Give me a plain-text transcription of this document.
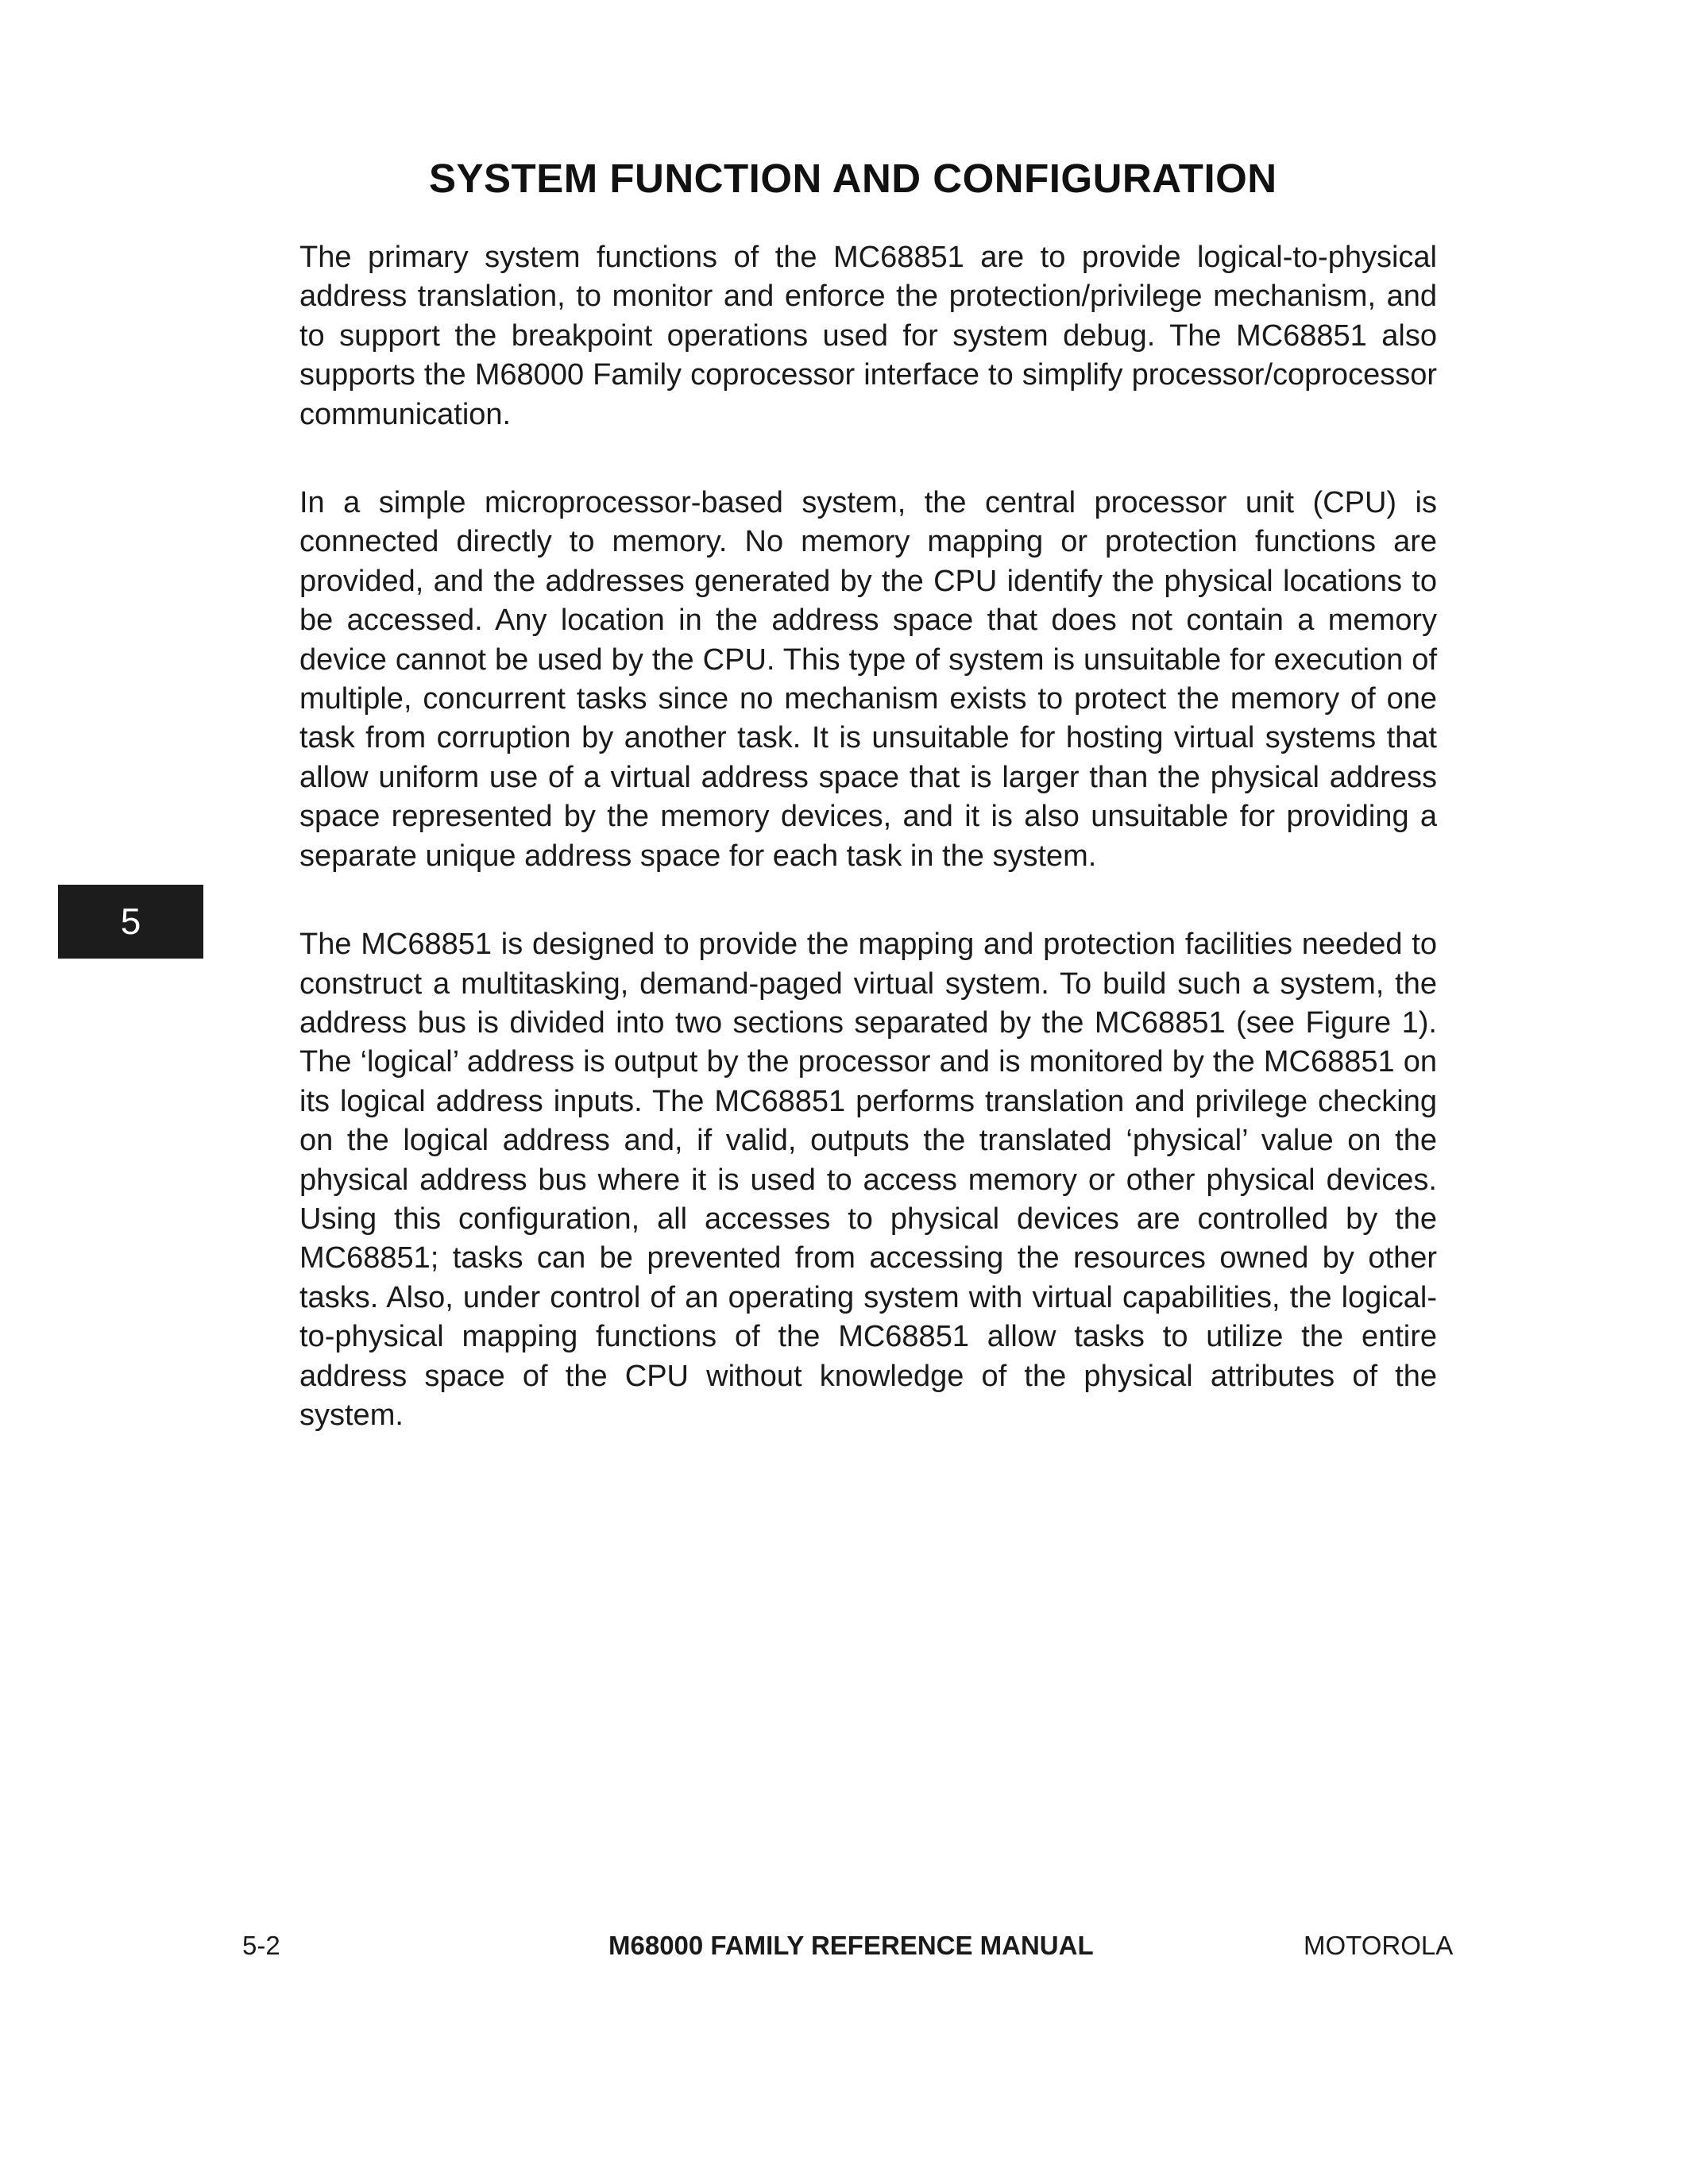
SYSTEM FUNCTION AND CONFIGURATION

The primary system functions of the MC68851 are to provide logical-to-physical address translation, to monitor and enforce the protection/privilege mechanism, and to support the breakpoint operations used for system debug. The MC68851 also supports the M68000 Family coprocessor interface to simplify processor/coprocessor communication.

In a simple microprocessor-based system, the central processor unit (CPU) is connected directly to memory. No memory mapping or protection functions are provided, and the addresses generated by the CPU identify the physical locations to be accessed. Any location in the address space that does not contain a memory device cannot be used by the CPU. This type of system is unsuitable for execution of multiple, concurrent tasks since no mechanism exists to protect the memory of one task from corruption by another task. It is unsuitable for hosting virtual systems that allow uniform use of a virtual address space that is larger than the physical address space represented by the memory devices, and it is also unsuitable for providing a separate unique address space for each task in the system.

The MC68851 is designed to provide the mapping and protection facilities needed to construct a multitasking, demand-paged virtual system. To build such a system, the address bus is divided into two sections separated by the MC68851 (see Figure 1). The ‘logical’ address is output by the processor and is monitored by the MC68851 on its logical address inputs. The MC68851 performs translation and privilege checking on the logical address and, if valid, outputs the translated ‘physical’ value on the physical address bus where it is used to access memory or other physical devices. Using this configuration, all accesses to physical devices are controlled by the MC68851; tasks can be prevented from accessing the resources owned by other tasks. Also, under control of an operating system with virtual capabilities, the logical-to-physical mapping functions of the MC68851 allow tasks to utilize the entire address space of the CPU without knowledge of the physical attributes of the system.

5
5-2	M68000 FAMILY REFERENCE MANUAL	MOTOROLA
